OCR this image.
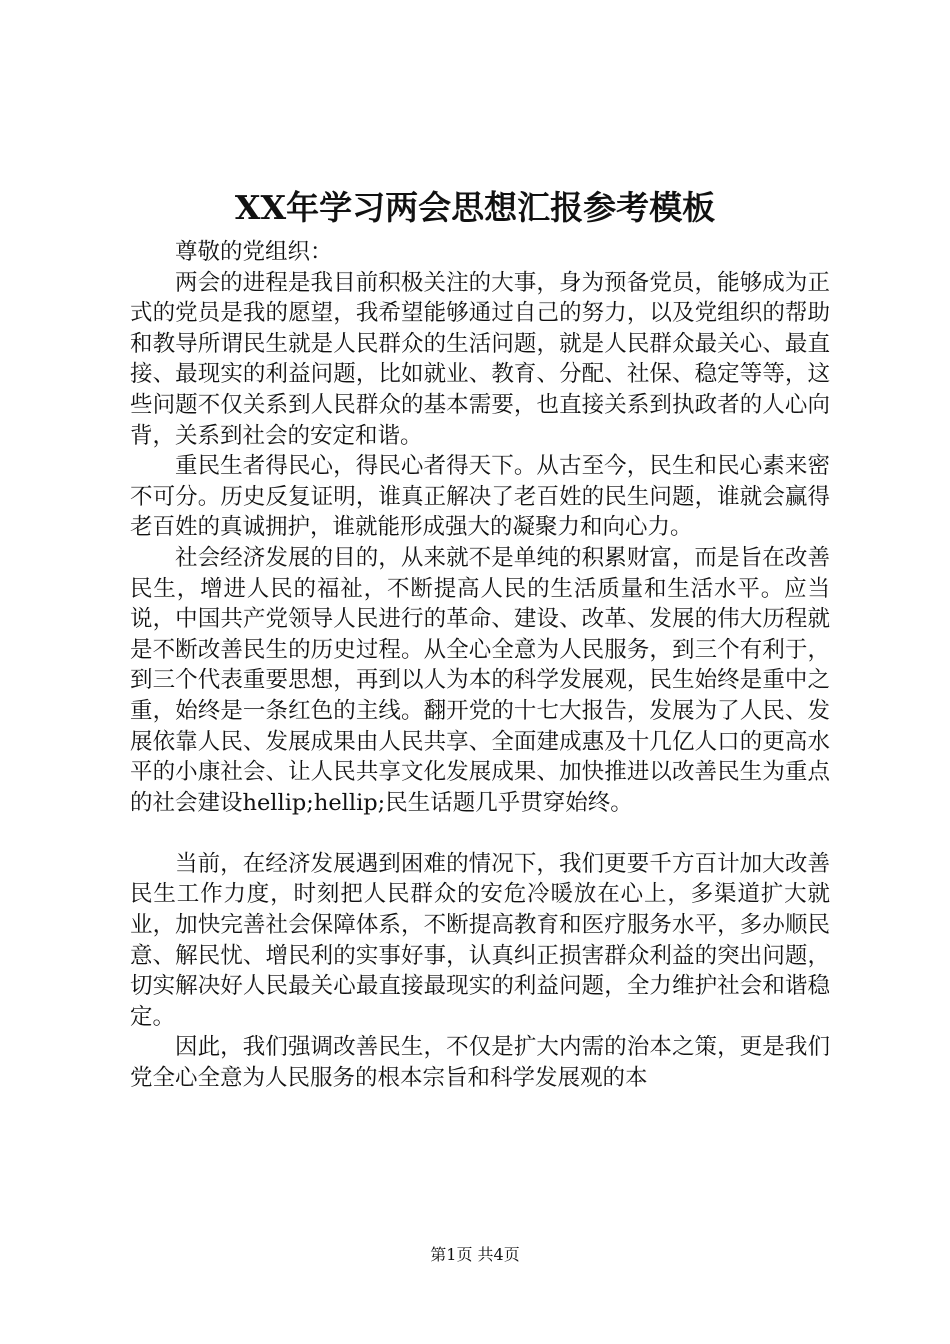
XX年学习两会思想汇报参考模板

尊敬的党组织：

两会的进程是我目前积极关注的大事，身为预备党员，能够成为正式的党员是我的愿望，我希望能够通过自己的努力，以及党组织的帮助和教导所谓民生就是人民群众的生活问题，就是人民群众最关心、最直接、最现实的利益问题，比如就业、教育、分配、社保、稳定等等，这些问题不仅关系到人民群众的基本需要，也直接关系到执政者的人心向背，关系到社会的安定和谐。

重民生者得民心，得民心者得天下。从古至今，民生和民心素来密不可分。历史反复证明，谁真正解决了老百姓的民生问题，谁就会赢得老百姓的真诚拥护，谁就能形成强大的凝聚力和向心力。

社会经济发展的目的，从来就不是单纯的积累财富，而是旨在改善民生，增进人民的福祉，不断提高人民的生活质量和生活水平。应当说，中国共产党领导人民进行的革命、建设、改革、发展的伟大历程就是不断改善民生的历史过程。从全心全意为人民服务，到三个有利于，到三个代表重要思想，再到以人为本的科学发展观，民生始终是重中之重，始终是一条红色的主线。翻开党的十七大报告，发展为了人民、发展依靠人民、发展成果由人民共享、全面建成惠及十几亿人口的更高水平的小康社会、让人民共享文化发展成果、加快推进以改善民生为重点的社会建设hellip;hellip;民生话题几乎贯穿始终。

当前，在经济发展遇到困难的情况下，我们更要千方百计加大改善民生工作力度，时刻把人民群众的安危冷暖放在心上，多渠道扩大就业，加快完善社会保障体系，不断提高教育和医疗服务水平，多办顺民意、解民忧、增民利的实事好事，认真纠正损害群众利益的突出问题，切实解决好人民最关心最直接最现实的利益问题，全力维护社会和谐稳定。

因此，我们强调改善民生，不仅是扩大内需的治本之策，更是我们党全心全意为人民服务的根本宗旨和科学发展观的本

第1页 共4页
